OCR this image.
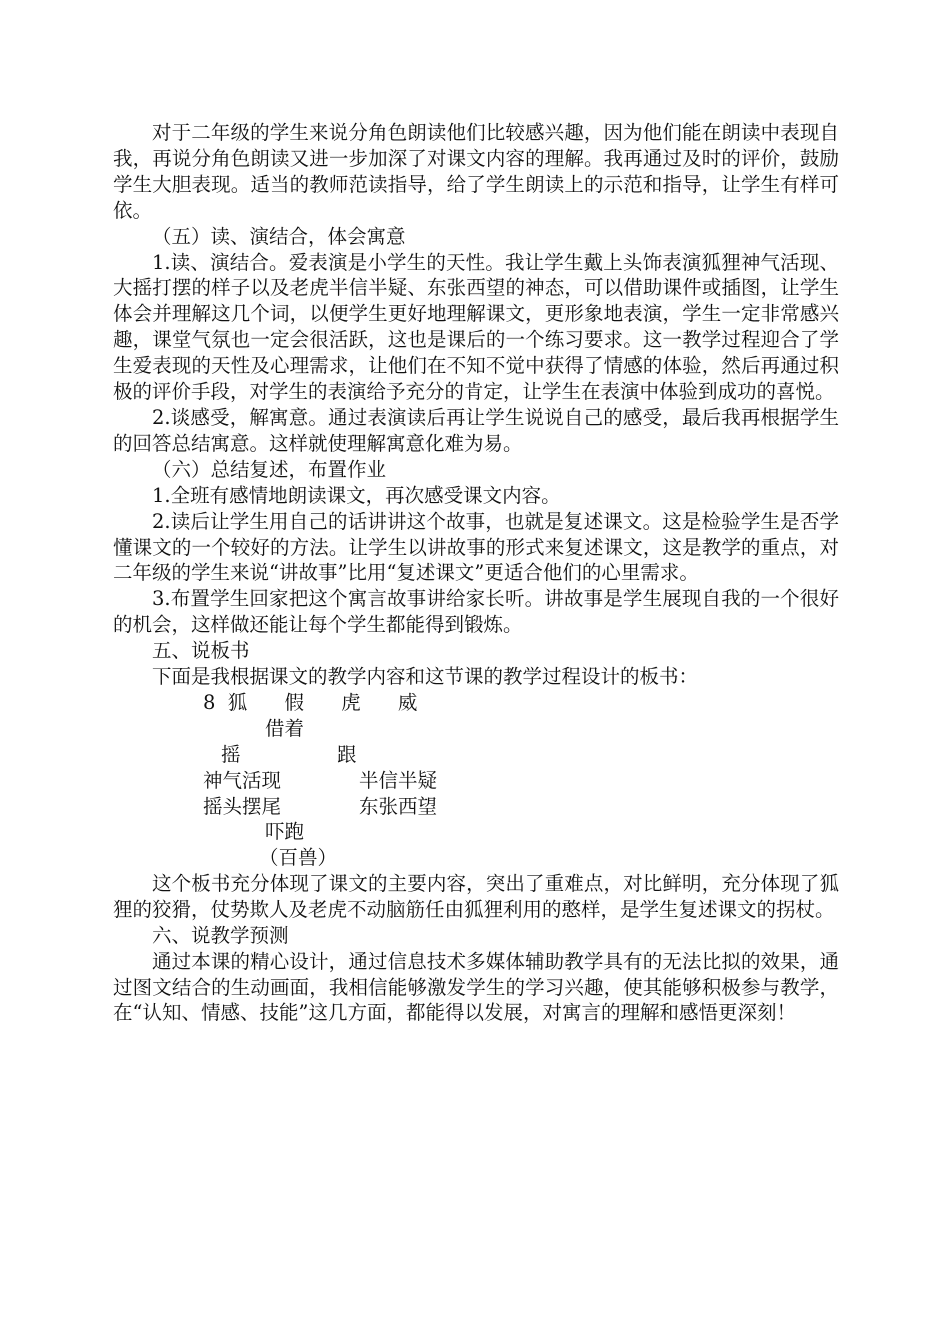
对于二年级的学生来说分角色朗读他们比较感兴趣，因为他们能在朗读中表现自我，再说分角色朗读又进一步加深了对课文内容的理解。我再通过及时的评价，鼓励学生大胆表现。适当的教师范读指导，给了学生朗读上的示范和指导，让学生有样可依。

（五）读、演结合，体会寓意

1.读、演结合。爱表演是小学生的天性。我让学生戴上头饰表演狐狸神气活现、大摇打摆的样子以及老虎半信半疑、东张西望的神态，可以借助课件或插图，让学生体会并理解这几个词，以便学生更好地理解课文，更形象地表演，学生一定非常感兴趣，课堂气氛也一定会很活跃，这也是课后的一个练习要求。这一教学过程迎合了学生爱表现的天性及心理需求，让他们在不知不觉中获得了情感的体验，然后再通过积极的评价手段，对学生的表演给予充分的肯定，让学生在表演中体验到成功的喜悦。

2.谈感受，解寓意。通过表演读后再让学生说说自己的感受，最后我再根据学生的回答总结寓意。这样就使理解寓意化难为易。

（六）总结复述，布置作业

1.全班有感情地朗读课文，再次感受课文内容。

2.读后让学生用自己的话讲讲这个故事，也就是复述课文。这是检验学生是否学懂课文的一个较好的方法。让学生以讲故事的形式来复述课文，这是教学的重点，对二年级的学生来说“讲故事”比用“复述课文”更适合他们的心里需求。

3.布置学生回家把这个寓言故事讲给家长听。讲故事是学生展现自我的一个很好的机会，这样做还能让每个学生都能得到锻炼。

五、说板书

下面是我根据课文的教学内容和这节课的教学过程设计的板书：

8  狐      假      虎      威
借着
摇	跟
神气活现	半信半疑
摇头摆尾	东张西望
吓跑
（百兽）

这个板书充分体现了课文的主要内容，突出了重难点，对比鲜明，充分体现了狐狸的狡猾，仗势欺人及老虎不动脑筋任由狐狸利用的憨样，是学生复述课文的拐杖。

六、说教学预测

通过本课的精心设计，通过信息技术多媒体辅助教学具有的无法比拟的效果，通过图文结合的生动画面，我相信能够激发学生的学习兴趣，使其能够积极参与教学，在“认知、情感、技能”这几方面，都能得以发展，对寓言的理解和感悟更深刻！
